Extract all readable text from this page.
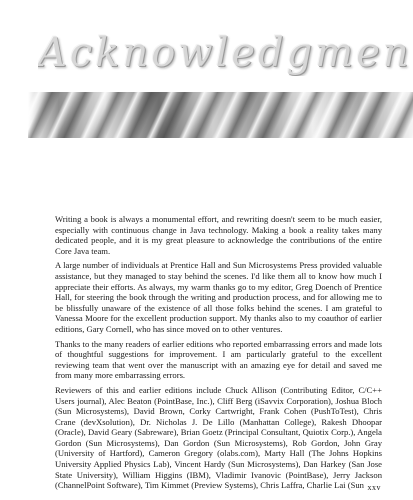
Acknowledgmen

Writing a book is always a monumental effort, and rewriting doesn't seem to be much easier, especially with continuous change in Java technology. Making a book a reality takes many dedicated people, and it is my great pleasure to acknowledge the contributions of the entire Core Java team.

A large number of individuals at Prentice Hall and Sun Microsystems Press provided valuable assistance, but they managed to stay behind the scenes. I'd like them all to know how much I appreciate their efforts. As always, my warm thanks go to my editor, Greg Doench of Prentice Hall, for steering the book through the writing and production process, and for allowing me to be blissfully unaware of the existence of all those folks behind the scenes. I am grateful to Vanessa Moore for the excellent production support. My thanks also to my coauthor of earlier editions, Gary Cornell, who has since moved on to other ventures.

Thanks to the many readers of earlier editions who reported embarrassing errors and made lots of thoughtful suggestions for improvement. I am particularly grateful to the excellent reviewing team that went over the manuscript with an amazing eye for detail and saved me from many more embarrassing errors.

Reviewers of this and earlier editions include Chuck Allison (Contributing Editor, C/C++ Users journal), Alec Beaton (PointBase, Inc.), Cliff Berg (iSavvix Corporation), Joshua Bloch (Sun Microsystems), David Brown, Corky Cartwright, Frank Cohen (PushToTest), Chris Crane (devXsolution), Dr. Nicholas J. De Lillo (Manhattan College), Rakesh Dhoopar (Oracle), David Geary (Sabreware), Brian Goetz (Principal Consultant, Quiotix Corp.), Angela Gordon (Sun Microsystems), Dan Gordon (Sun Microsystems), Rob Gordon, John Gray (University of Hartford), Cameron Gregory (olabs.com), Marty Hall (The Johns Hopkins University Applied Physics Lab), Vincent Hardy (Sun Microsystems), Dan Harkey (San Jose State University), William Higgins (IBM), Vladimir Ivanovic (PointBase), Jerry Jackson (ChannelPoint Software), Tim Kimmet (Preview Systems), Chris Laffra, Charlie Lai (Sun xxv
